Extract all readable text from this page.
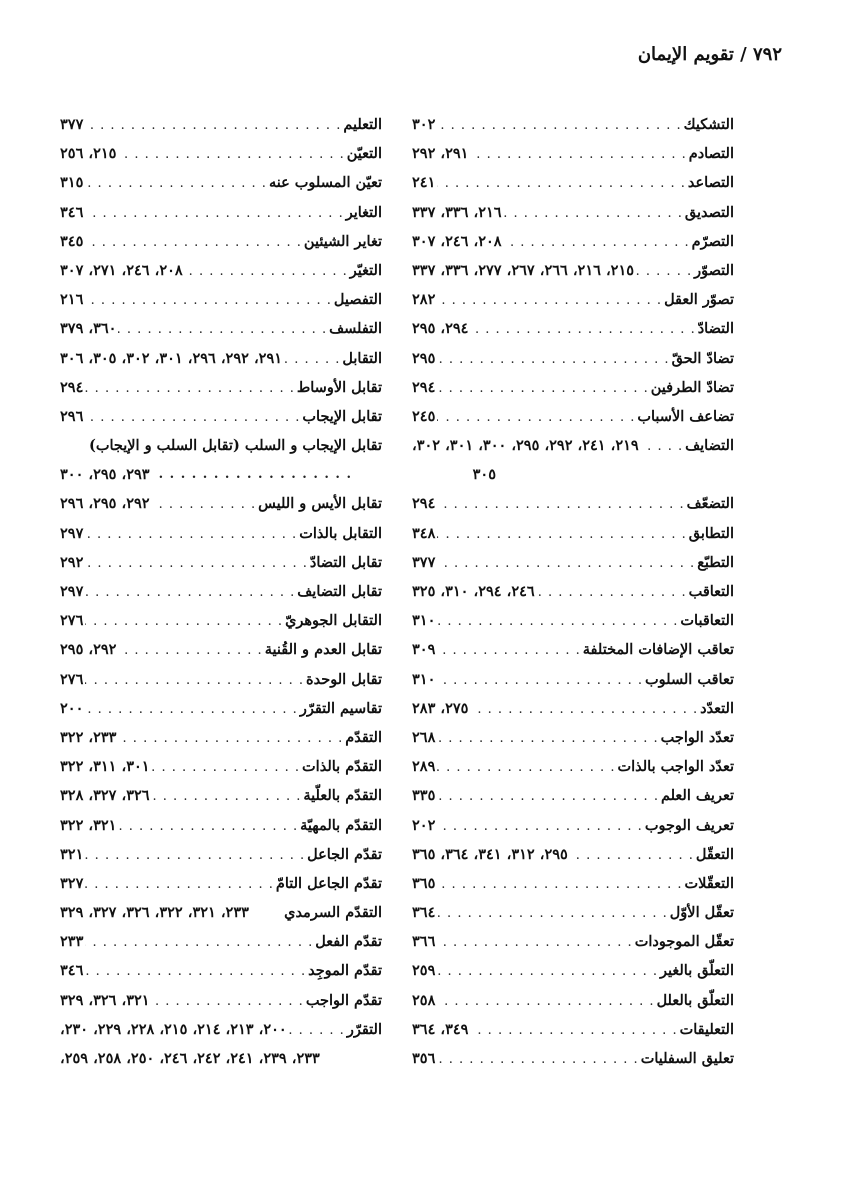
٧٩٢ / تقويم الإيمان
التشكيك
. . .
٣٠٢
التصادم
. . .
٢٩١، ٢٩٢
التصاعد
. . .
٢٤١
التصديق
. . .
٢١٦، ٣٣٦، ٣٣٧
التصرّم
. . .
٢٠٨، ٢٤٦، ٣٠٧
التصوّر
. . .
٢١٥، ٢١٦، ٢٦٦، ٢٦٧، ٢٧٧، ٣٣٦، ٣٣٧
تصوّر العقل
. . .
٢٨٢
التضادّ
. . .
٢٩٤، ٢٩٥
تضادّ الحقّ
. . .
٢٩٥
تضادّ الطرفين
. . .
٢٩٤
تضاعف الأسباب
. . .
٢٤٥
التضايف
. . .
٢١٩، ٢٤١، ٢٩٢، ٢٩٥، ٣٠٠، ٣٠١، ٣٠٢،
٣٠٥
التضعّف
. . .
٢٩٤
التطابق
. . .
٣٤٨
التطبّع
. . .
٣٧٧
التعاقب
. . .
٢٤٦، ٢٩٤، ٣١٠، ٣٢٥
التعاقبات
. . .
٣١٠
تعاقب الإضافات المختلفة
. . .
٣٠٩
تعاقب السلوب
. . .
٣١٠
التعدّد
. . .
٢٧٥، ٢٨٣
تعدّد الواجب
. . .
٢٦٨
تعدّد الواجب بالذات
. . .
٢٨٩
تعريف العلم
. . .
٣٣٥
تعريف الوجوب
. . .
٢٠٢
التعقّل
. . .
٢٩٥، ٣١٢، ٣٤١، ٣٦٤، ٣٦٥
التعقّلات
. . .
٣٦٥
تعقّل الأوّل
. . .
٣٦٤
تعقّل الموجودات
. . .
٣٦٦
التعلّق بالغير
. . .
٢٥٩
التعلّق بالعلل
. . .
٢٥٨
التعليقات
. . .
٣٤٩، ٣٦٤
تعليق السفليات
. . .
٣٥٦
التعليم
. . .
٣٧٧
التعيّن
. . .
٢١٥، ٢٥٦
تعيّن المسلوب عنه
. . .
٣١٥
التغاير
. . .
٣٤٦
تغاير الشيئين
. . .
٣٤٥
التغيّر
. . .
٢٠٨، ٢٤٦، ٢٧١، ٣٠٧
التفصيل
. . .
٢١٦
التفلسف
. . .
٣٦٠، ٣٧٩
التقابل
. . .
٢٩١، ٢٩٢، ٢٩٦، ٣٠١، ٣٠٢، ٣٠٥، ٣٠٦
تقابل الأوساط
. . .
٢٩٤
تقابل الإيجاب
. . .
٢٩٦
تقابل الإيجاب و السلب (تقابل السلب و الإيجاب)
. . .
٢٩٣، ٢٩٥، ٣٠٠
تقابل الأيس و الليس
. . .
٢٩٢، ٢٩٥، ٢٩٦
التقابل بالذات
. . .
٢٩٧
تقابل التضادّ
. . .
٢٩٢
تقابل التضايف
. . .
٢٩٧
التقابل الجوهريّ
. . .
٢٧٦
تقابل العدم و القُنية
. . .
٢٩٢، ٢٩٥
تقابل الوحدة
. . .
٢٧٦
تقاسيم التقرّر
. . .
٢٠٠
التقدّم
. . .
٢٣٣، ٣٢٢
التقدّم بالذات
. . .
٣٠١، ٣١١، ٣٢٢
التقدّم بالعلّية
. . .
٣٢٦، ٣٢٧، ٣٢٨
التقدّم بالمهيّة
. . .
٣٢١، ٣٢٢
تقدّم الجاعل
. . .
٣٢١
تقدّم الجاعل التامّ
. . .
٣٢٧
التقدّم السرمدي
٢٣٣، ٣٢١، ٣٢٢، ٣٢٦، ٣٢٧، ٣٢٩
تقدّم الفعل
. . .
٢٣٣
تقدّم الموجِد
. . .
٣٤٦
تقدّم الواجب
. . .
٣٢١، ٣٢٦، ٣٢٩
التقرّر
. . .
٢٠٠، ٢١٣، ٢١٤، ٢١٥، ٢٢٨، ٢٢٩، ٢٣٠،
٢٣٣، ٢٣٩، ٢٤١، ٢٤٢، ٢٤٦، ٢٥٠، ٢٥٨، ٢٥٩،
